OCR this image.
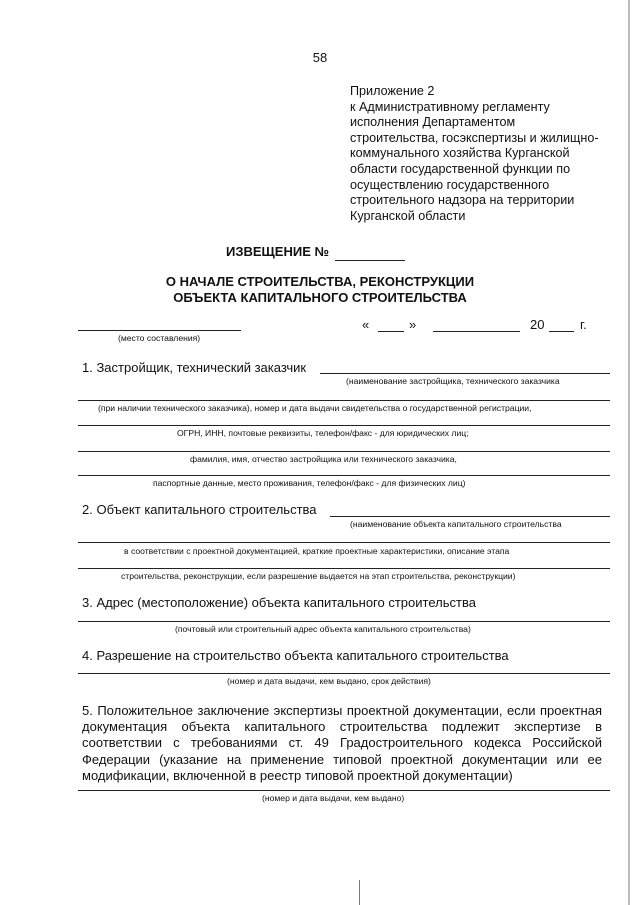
58
Приложение 2
к Административному регламенту
исполнения Департаментом
строительства, госэкспертизы и жилищно-
коммунального хозяйства Курганской
области государственной функции по
осуществлению государственного
строительного надзора на территории
Курганской области
ИЗВЕЩЕНИЕ №
О НАЧАЛЕ СТРОИТЕЛЬСТВА, РЕКОНСТРУКЦИИ
ОБЪЕКТА КАПИТАЛЬНОГО СТРОИТЕЛЬСТВА
(место составления)
«	»	20	г.
1. Застройщик, технический заказчик
(наименование застройщика, технического заказчика
(при наличии технического заказчика), номер и дата выдачи свидетельства о государственной регистрации,
ОГРН, ИНН, почтовые реквизиты, телефон/факс - для юридических лиц;
фамилия, имя, отчество застройщика или технического заказчика,
паспортные данные, место проживания, телефон/факс - для физических лиц)
2. Объект капитального строительства
(наименование объекта капитального строительства
в соответствии с проектной документацией, краткие проектные характеристики, описание этапа
строительства, реконструкции, если разрешение выдается на этап строительства, реконструкции)
3. Адрес (местоположение) объекта капитального строительства
(почтовый или строительный адрес объекта капитального строительства)
4. Разрешение на строительство объекта капитального строительства
(номер и дата выдачи, кем выдано, срок действия)
5. Положительное заключение экспертизы проектной документации, если проектная
документация объекта капитального строительства подлежит экспертизе в
соответствии с требованиями ст. 49 Градостроительного кодекса Российской
Федерации (указание на применение типовой проектной документации или ее
модификации, включенной в реестр типовой проектной документации)
(номер и дата выдачи, кем выдано)
